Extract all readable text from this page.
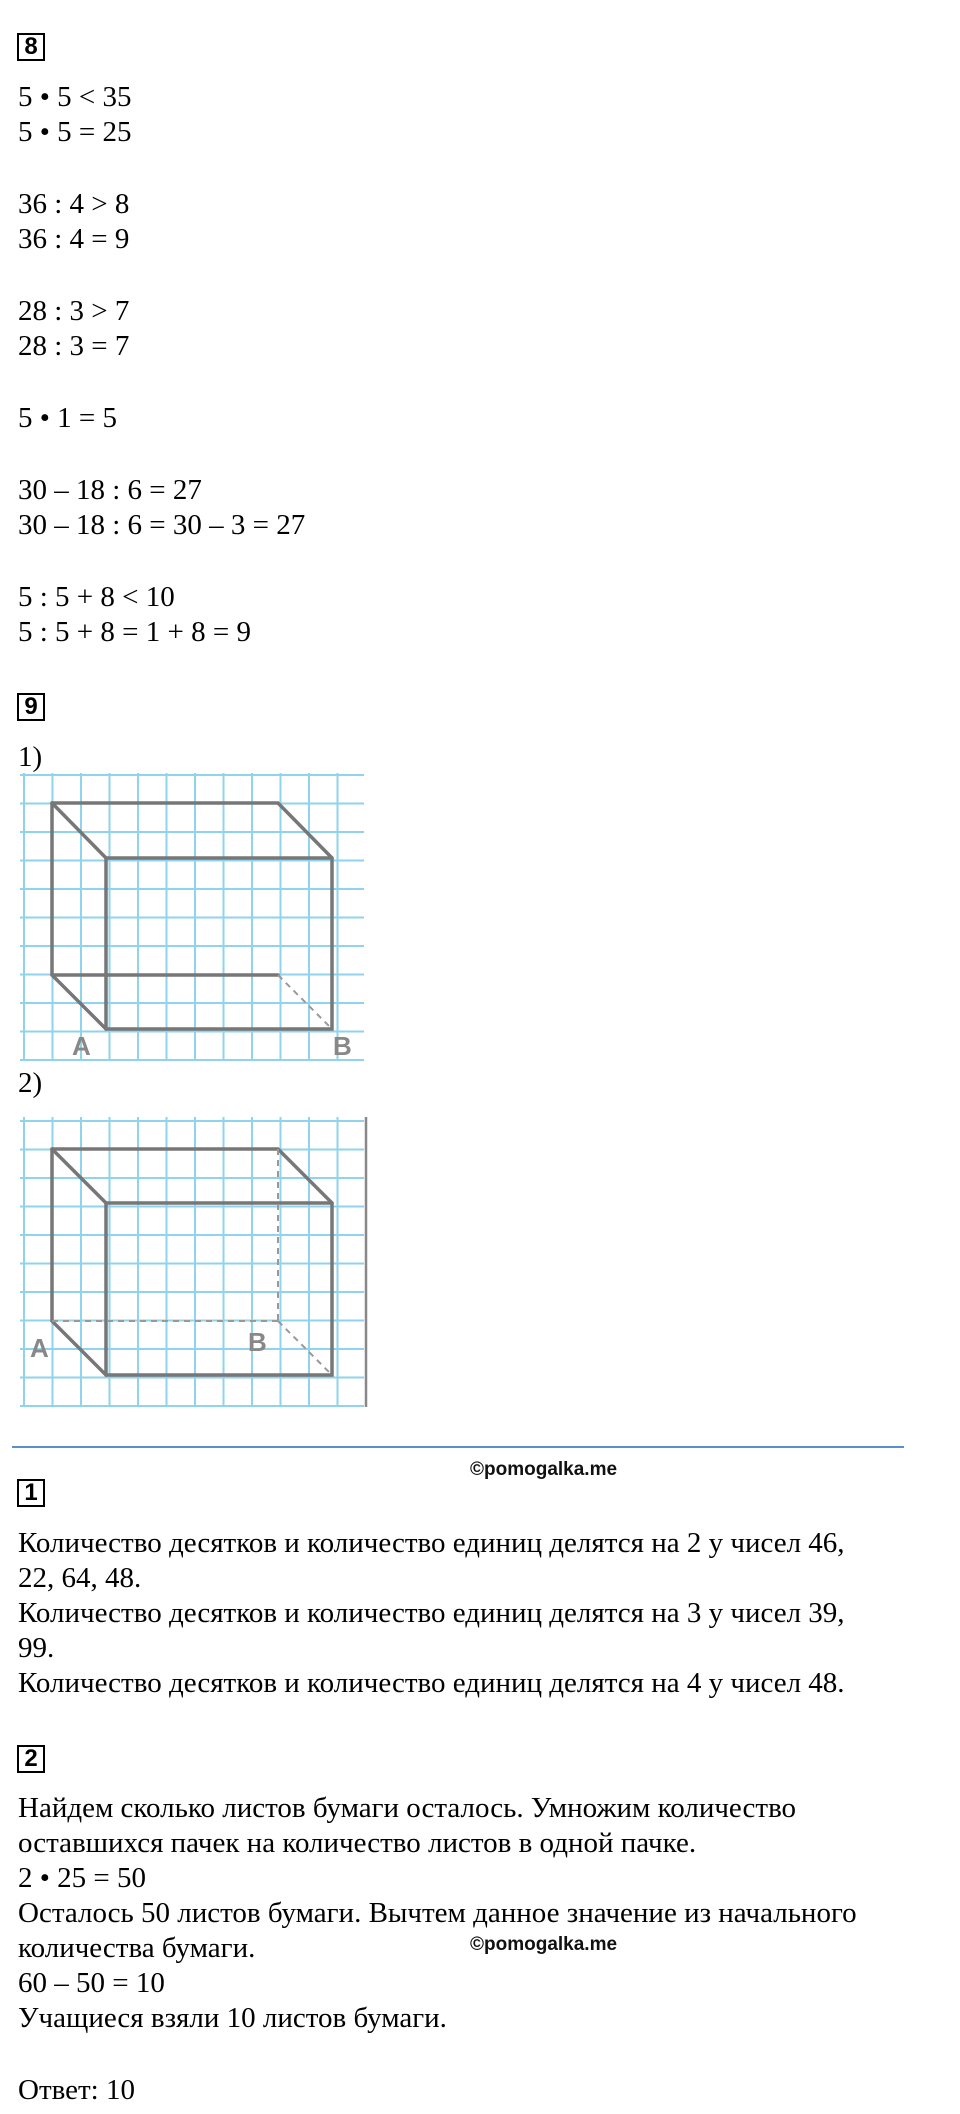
8
5 • 5 < 35
5 • 5 = 25
36 : 4 > 8
36 : 4 = 9
28 : 3 > 7
28 : 3 = 7
5 • 1 = 5
30 – 18 : 6 = 27
30 – 18 : 6 = 30 – 3 = 27
5 : 5 + 8 < 10
5 : 5 + 8 = 1 + 8 = 9
9
1)
A	B
2)
A	B
©pomogalka.me
1
Количество десятков и количество единиц делятся на 2 у чисел 46,
22, 64, 48.
Количество десятков и количество единиц делятся на 3 у чисел 39,
99.
Количество десятков и количество единиц делятся на 4 у чисел 48.
2
Найдем сколько листов бумаги осталось. Умножим количество
оставшихся пачек на количество листов в одной пачке.
2 • 25 = 50
Осталось 50 листов бумаги. Вычтем данное значение из начального
количества бумаги.	©pomogalka.me
60 – 50 = 10
Учащиеся взяли 10 листов бумаги.
Ответ: 10
